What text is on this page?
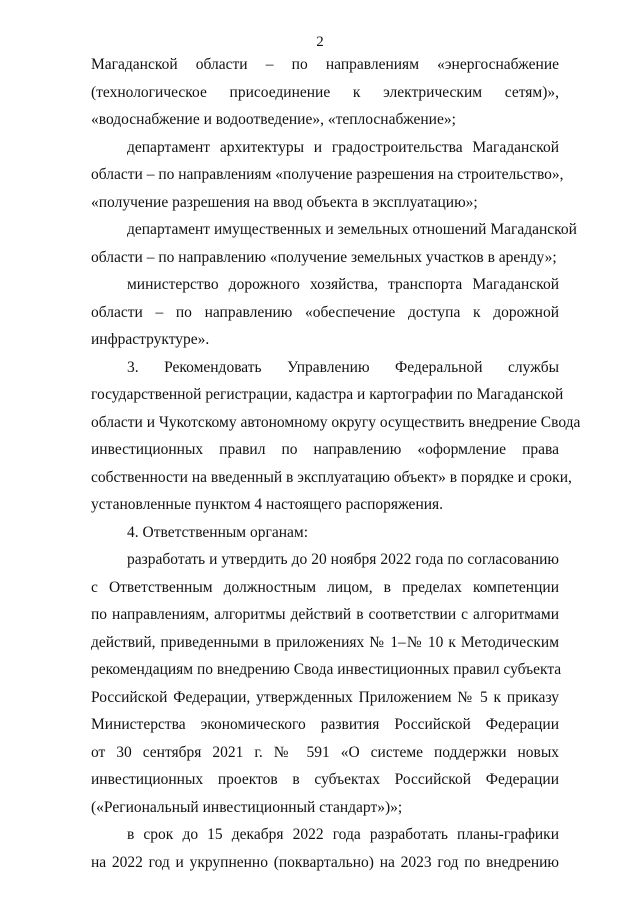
2

Магаданской области – по направлениям «энергоснабжение
(технологическое присоединение к электрическим сетям)»,
«водоснабжение и водоотведение», «теплоснабжение»;

департамент архитектуры и градостроительства Магаданской
области – по направлениям «получение разрешения на строительство»,
«получение разрешения на ввод объекта в эксплуатацию»;

департамент имущественных и земельных отношений Магаданской
области – по направлению «получение земельных участков в аренду»;

министерство дорожного хозяйства, транспорта Магаданской
области – по направлению «обеспечение доступа к дорожной
инфраструктуре».

3. Рекомендовать Управлению Федеральной службы
государственной регистрации, кадастра и картографии по Магаданской
области и Чукотскому автономному округу осуществить внедрение Свода
инвестиционных правил по направлению «оформление права
собственности на введенный в эксплуатацию объект» в порядке и сроки,
установленные пунктом 4 настоящего распоряжения.

4. Ответственным органам:

разработать и утвердить до 20 ноября 2022 года по согласованию
с Ответственным должностным лицом, в пределах компетенции
по направлениям, алгоритмы действий в соответствии с алгоритмами
действий, приведенными в приложениях № 1–№ 10 к Методическим
рекомендациям по внедрению Свода инвестиционных правил субъекта
Российской Федерации, утвержденных Приложением № 5 к приказу
Министерства экономического развития Российской Федерации
от 30 сентября 2021 г. № 591 «О системе поддержки новых
инвестиционных проектов в субъектах Российской Федерации
(«Региональный инвестиционный стандарт»)»;

в срок до 15 декабря 2022 года разработать планы-графики
на 2022 год и укрупненно (поквартально) на 2023 год по внедрению
